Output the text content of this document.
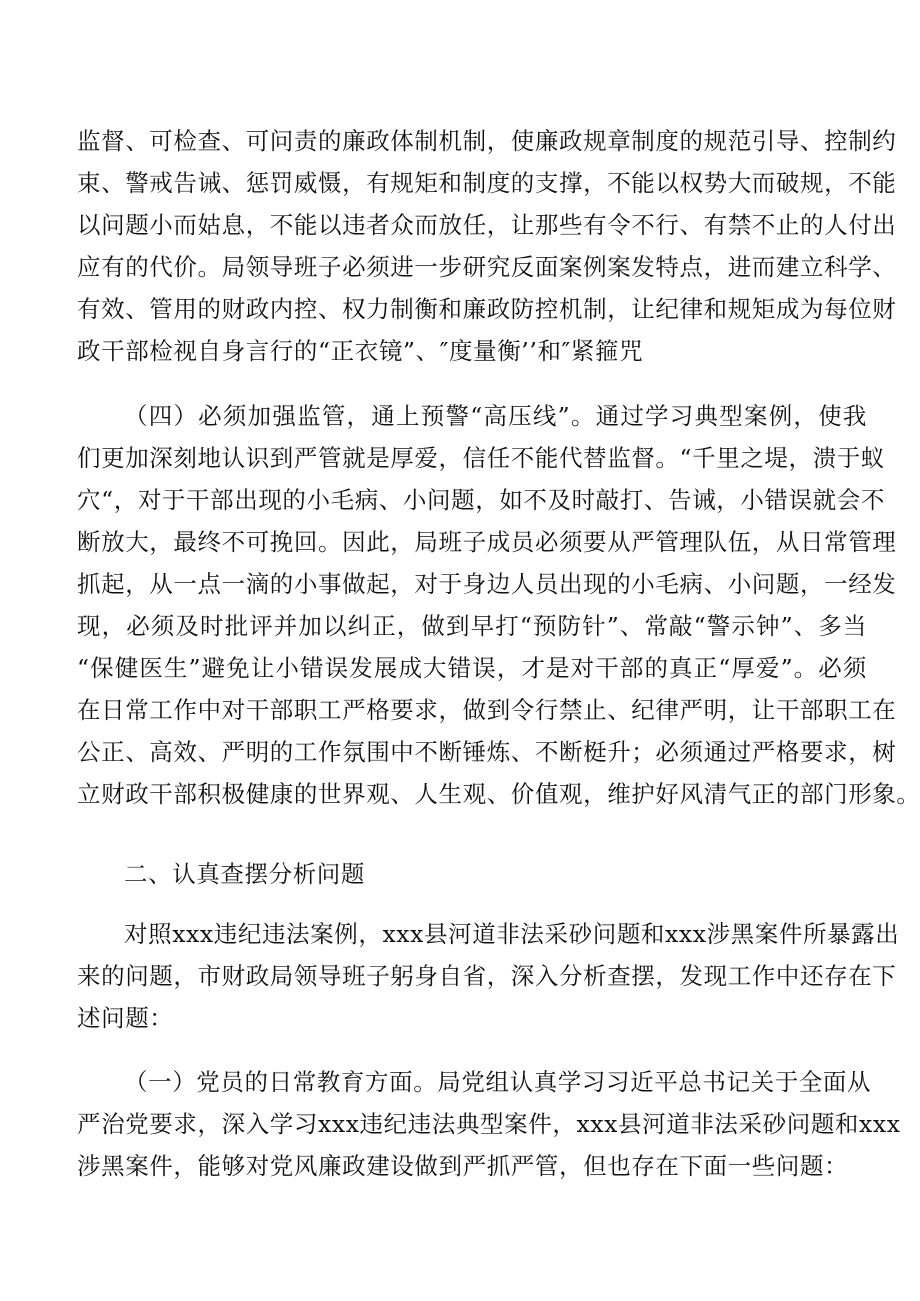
监督、可检查、可问责的廉政体制机制，使廉政规章制度的规范引导、控制约
束、警戒告诫、惩罚威慑，有规矩和制度的支撑，不能以权势大而破规，不能
以问题小而姑息，不能以违者众而放任，让那些有令不行、有禁不止的人付出
应有的代价。局领导班子必须进一步研究反面案例案发特点，进而建立科学、
有效、管用的财政内控、权力制衡和廉政防控机制，让纪律和规矩成为每位财
政干部检视自身言行的“正衣镜”、″度量衡’’和″紧箍咒
（四）必须加强监管，通上预警“高压线”。通过学习典型案例，使我
们更加深刻地认识到严管就是厚爱，信任不能代替监督。“千里之堤，溃于蚁
穴“，对于干部出现的小毛病、小问题，如不及时敲打、告诫，小错误就会不
断放大，最终不可挽回。因此，局班子成员必须要从严管理队伍，从日常管理
抓起，从一点一滴的小事做起，对于身边人员出现的小毛病、小问题，一经发
现，必须及时批评并加以纠正，做到早打“预防针”、常敲“警示钟”、多当
“保健医生”避免让小错误发展成大错误，才是对干部的真正“厚爱”。必须
在日常工作中对干部职工严格要求，做到令行禁止、纪律严明，让干部职工在
公正、高效、严明的工作氛围中不断锤炼、不断梃升；必须通过严格要求，树
立财政干部积极健康的世界观、人生观、价值观，维护好风清气正的部门形象。
二、认真查摆分析问题
对照xxx违纪违法案例，xxx县河道非法采砂问题和xxx涉黑案件所暴露出
来的问题，市财政局领导班子躬身自省，深入分析查摆，发现工作中还存在下
述问题：
（一）党员的日常教育方面。局党组认真学习习近平总书记关于全面从
严治党要求，深入学习xxx违纪违法典型案件，xxx县河道非法采砂问题和xxx
涉黑案件，能够对党风廉政建设做到严抓严管，但也存在下面一些问题：
